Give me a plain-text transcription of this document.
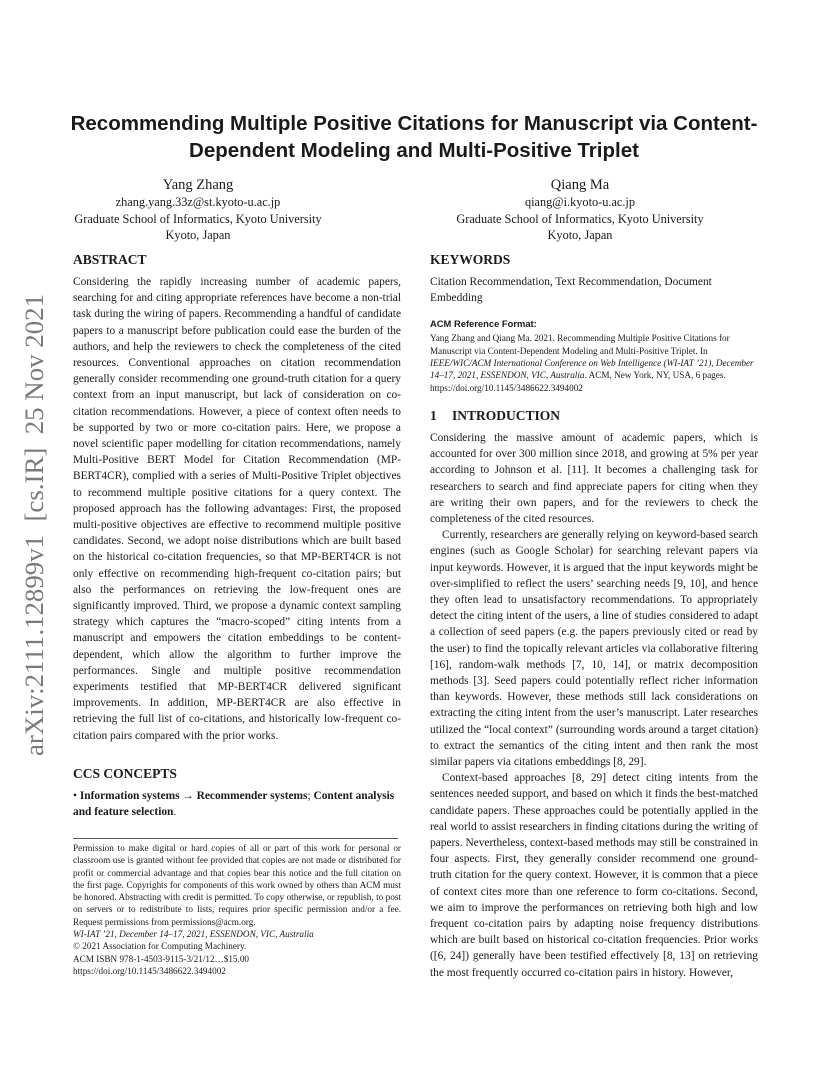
Recommending Multiple Positive Citations for Manuscript via Content-Dependent Modeling and Multi-Positive Triplet
Yang Zhang
zhang.yang.33z@st.kyoto-u.ac.jp
Graduate School of Informatics, Kyoto University
Kyoto, Japan
Qiang Ma
qiang@i.kyoto-u.ac.jp
Graduate School of Informatics, Kyoto University
Kyoto, Japan
arXiv:2111.12899v1  [cs.IR]  25 Nov 2021
ABSTRACT

Considering the rapidly increasing number of academic papers, searching for and citing appropriate references have become a non-trial task during the wiring of papers. Recommending a handful of candidate papers to a manuscript before publication could ease the burden of the authors, and help the reviewers to check the completeness of the cited resources. Conventional approaches on citation recommendation generally consider recommending one ground-truth citation for a query context from an input manuscript, but lack of consideration on co-citation recommendations. However, a piece of context often needs to be supported by two or more co-citation pairs. Here, we propose a novel scientific paper modelling for citation recommendations, namely Multi-Positive BERT Model for Citation Recommendation (MP-BERT4CR), complied with a series of Multi-Positive Triplet objectives to recommend multiple positive citations for a query context. The proposed approach has the following advantages: First, the proposed multi-positive objectives are effective to recommend multiple positive candidates. Second, we adopt noise distributions which are built based on the historical co-citation frequencies, so that MP-BERT4CR is not only effective on recommending high-frequent co-citation pairs; but also the performances on retrieving the low-frequent ones are significantly improved. Third, we propose a dynamic context sampling strategy which captures the “macro-scoped” citing intents from a manuscript and empowers the citation embeddings to be content-dependent, which allow the algorithm to further improve the performances. Single and multiple positive recommendation experiments testified that MP-BERT4CR delivered significant improvements. In addition, MP-BERT4CR are also effective in retrieving the full list of co-citations, and historically low-frequent co-citation pairs compared with the prior works.

CCS CONCEPTS

• Information systems → Recommender systems; Content analysis and feature selection.

Permission to make digital or hard copies of all or part of this work for personal or classroom use is granted without fee provided that copies are not made or distributed for profit or commercial advantage and that copies bear this notice and the full citation on the first page. Copyrights for components of this work owned by others than ACM must be honored. Abstracting with credit is permitted. To copy otherwise, or republish, to post on servers or to redistribute to lists, requires prior specific permission and/or a fee. Request permissions from permissions@acm.org.
WI-IAT ’21, December 14–17, 2021, ESSENDON, VIC, Australia
© 2021 Association for Computing Machinery.
ACM ISBN 978-1-4503-9115-3/21/12…$15.00
https://doi.org/10.1145/3486622.3494002
KEYWORDS

Citation Recommendation, Text Recommendation, Document Embedding

ACM Reference Format:
Yang Zhang and Qiang Ma. 2021. Recommending Multiple Positive Citations for Manuscript via Content-Dependent Modeling and Multi-Positive Triplet. In IEEE/WIC/ACM International Conference on Web Intelligence (WI-IAT ’21), December 14–17, 2021, ESSENDON, VIC, Australia. ACM, New York, NY, USA, 6 pages. https://doi.org/10.1145/3486622.3494002
1 INTRODUCTION

Considering the massive amount of academic papers, which is accounted for over 300 million since 2018, and growing at 5% per year according to Johnson et al. [11]. It becomes a challenging task for researchers to search and find appreciate papers for citing when they are writing their own papers, and for the reviewers to check the completeness of the cited resources.

Currently, researchers are generally relying on keyword-based search engines (such as Google Scholar) for searching relevant papers via input keywords. However, it is argued that the input keywords might be over-simplified to reflect the users’ searching needs [9, 10], and hence they often lead to unsatisfactory recommendations. To appropriately detect the citing intent of the users, a line of studies considered to adapt a collection of seed papers (e.g. the papers previously cited or read by the user) to find the topically relevant articles via collaborative filtering [16], random-walk methods [7, 10, 14], or matrix decomposition methods [3]. Seed papers could potentially reflect richer information than keywords. However, these methods still lack considerations on extracting the citing intent from the user’s manuscript. Later researches utilized the “local context” (surrounding words around a target citation) to extract the semantics of the citing intent and then rank the most similar papers via citations embeddings [8, 29].

Context-based approaches [8, 29] detect citing intents from the sentences needed support, and based on which it finds the best-matched candidate papers. These approaches could be potentially applied in the real world to assist researchers in finding citations during the writing of papers. Nevertheless, context-based methods may still be constrained in four aspects. First, they generally consider recommend one ground-truth citation for the query context. However, it is common that a piece of context cites more than one reference to form co-citations. Second, we aim to improve the performances on retrieving both high and low frequent co-citation pairs by adapting noise frequency distributions which are built based on historical co-citation frequencies. Prior works ([6, 24]) generally have been testified effectively [8, 13] on retrieving the most frequently occurred co-citation pairs in history. However,
